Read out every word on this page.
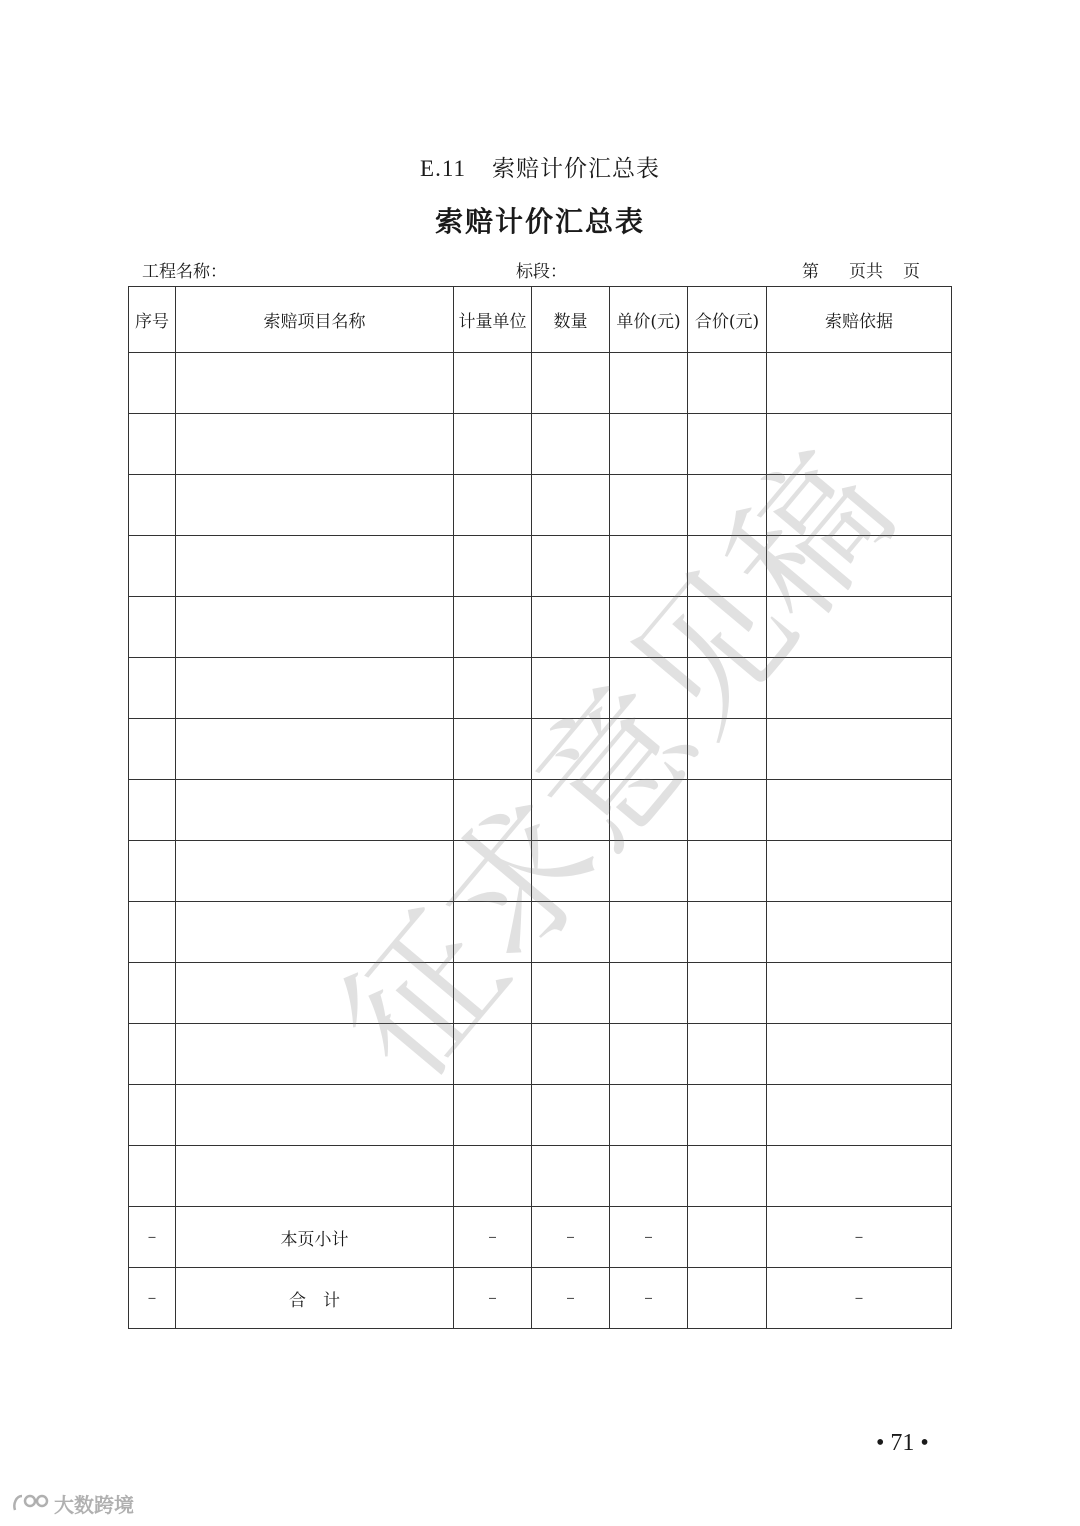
E.11 索赔计价汇总表
索赔计价汇总表
工程名称：	标段：	第 页共 页
序号	索赔项目名称	计量单位	数量	单价(元)	合价(元)	索赔依据

–	本页小计	–	–	–		–
–	合　计	–	–	–		–
征求意见稿
• 71 •
大数跨境
